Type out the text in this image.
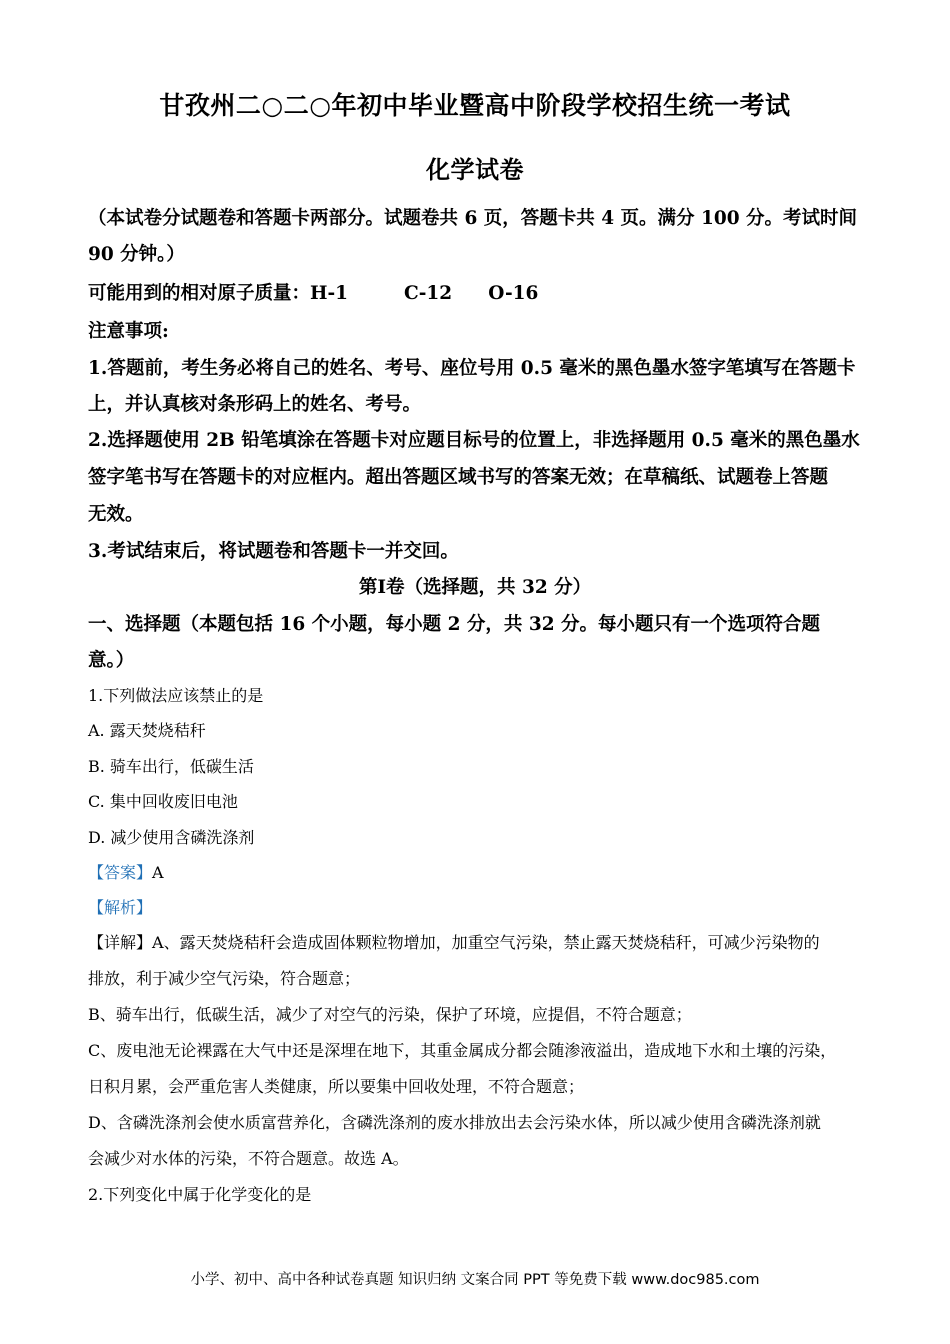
甘孜州二○二○年初中毕业暨高中阶段学校招生统一考试
化学试卷
（本试卷分试题卷和答题卡两部分。试题卷共 6 页，答题卡共 4 页。满分 100 分。考试时间
90 分钟。）
可能用到的相对原子质量：H-1	C-12 O-16
注意事项:
1.答题前，考生务必将自己的姓名、考号、座位号用 0.5 毫米的黑色墨水签字笔填写在答题卡
上，并认真核对条形码上的姓名、考号。
2.选择题使用 2B 铅笔填涂在答题卡对应题目标号的位置上，非选择题用 0.5 毫米的黑色墨水
签字笔书写在答题卡的对应框内。超出答题区域书写的答案无效；在草稿纸、试题卷上答题
无效。
3.考试结束后，将试题卷和答题卡一并交回。
第Ⅰ卷（选择题，共 32 分）
一、选择题（本题包括 16 个小题，每小题 2 分，共 32 分。每小题只有一个选项符合题
意。）
1.下列做法应该禁止的是
A. 露天焚烧秸秆
B. 骑车出行，低碳生活
C. 集中回收废旧电池
D. 减少使用含磷洗涤剂
【答案】A
【解析】
【详解】A、露天焚烧秸秆会造成固体颗粒物增加，加重空气污染，禁止露天焚烧秸秆，可减少污染物的
排放，利于减少空气污染，符合题意；
B、骑车出行，低碳生活，减少了对空气的污染，保护了环境，应提倡，不符合题意；
C、废电池无论裸露在大气中还是深埋在地下，其重金属成分都会随渗液溢出，造成地下水和土壤的污染，
日积月累，会严重危害人类健康，所以要集中回收处理，不符合题意；
D、含磷洗涤剂会使水质富营养化，含磷洗涤剂的废水排放出去会污染水体，所以减少使用含磷洗涤剂就
会减少对水体的污染，不符合题意。故选 A。
2.下列变化中属于化学变化的是
小学、初中、高中各种试卷真题 知识归纳 文案合同 PPT 等免费下载 www.doc985.com
